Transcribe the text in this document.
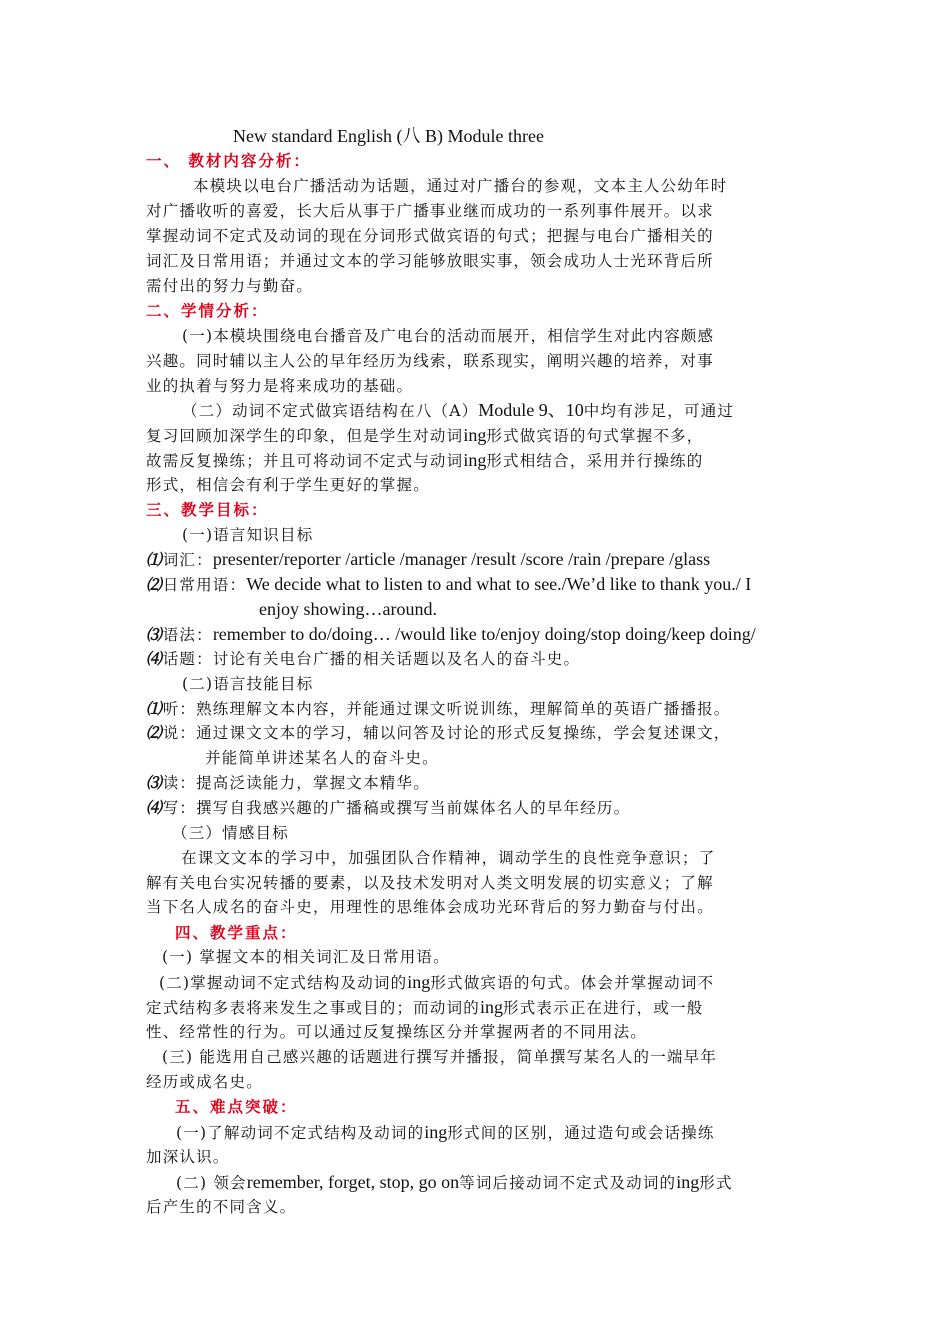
New standard English (八 B) Module three
一、 教材内容分析：
本模块以电台广播活动为话题，通过对广播台的参观，文本主人公幼年时
对广播收听的喜爱，长大后从事于广播事业继而成功的一系列事件展开。以求
掌握动词不定式及动词的现在分词形式做宾语的句式；把握与电台广播相关的
词汇及日常用语；并通过文本的学习能够放眼实事，领会成功人士光环背后所
需付出的努力与勤奋。
二、学情分析：
(一)本模块围绕电台播音及广电台的活动而展开，相信学生对此内容颇感
兴趣。同时辅以主人公的早年经历为线索，联系现实，阐明兴趣的培养，对事
业的执着与努力是将来成功的基础。
（二）动词不定式做宾语结构在八（A）Module 9、10中均有涉足，可通过
复习回顾加深学生的印象，但是学生对动词ing形式做宾语的句式掌握不多，
故需反复操练；并且可将动词不定式与动词ing形式相结合，采用并行操练的
形式，相信会有利于学生更好的掌握。
三、教学目标：
(一)语言知识目标
⑴词汇：presenter/reporter /article /manager /result /score /rain /prepare /glass
⑵日常用语：We decide what to listen to and what to see./We’d like to thank you./ I
enjoy showing…around.
⑶语法：remember to do/doing… /would like to/enjoy doing/stop doing/keep doing/
⑷话题：讨论有关电台广播的相关话题以及名人的奋斗史。
(二)语言技能目标
⑴听：熟练理解文本内容，并能通过课文听说训练，理解简单的英语广播播报。
⑵说：通过课文文本的学习，辅以问答及讨论的形式反复操练，学会复述课文，
并能简单讲述某名人的奋斗史。
⑶读：提高泛读能力，掌握文本精华。
⑷写：撰写自我感兴趣的广播稿或撰写当前媒体名人的早年经历。
（三）情感目标
在课文文本的学习中，加强团队合作精神，调动学生的良性竞争意识；了
解有关电台实况转播的要素，以及技术发明对人类文明发展的切实意义；了解
当下名人成名的奋斗史，用理性的思维体会成功光环背后的努力勤奋与付出。
四、教学重点：
(一) 掌握文本的相关词汇及日常用语。
(二)掌握动词不定式结构及动词的ing形式做宾语的句式。体会并掌握动词不
定式结构多表将来发生之事或目的；而动词的ing形式表示正在进行，或一般
性、经常性的行为。可以通过反复操练区分并掌握两者的不同用法。
(三) 能选用自己感兴趣的话题进行撰写并播报，简单撰写某名人的一端早年
经历或成名史。
五、难点突破：
(一)了解动词不定式结构及动词的ing形式间的区别，通过造句或会话操练
加深认识。
(二) 领会remember, forget, stop, go on等词后接动词不定式及动词的ing形式
后产生的不同含义。
